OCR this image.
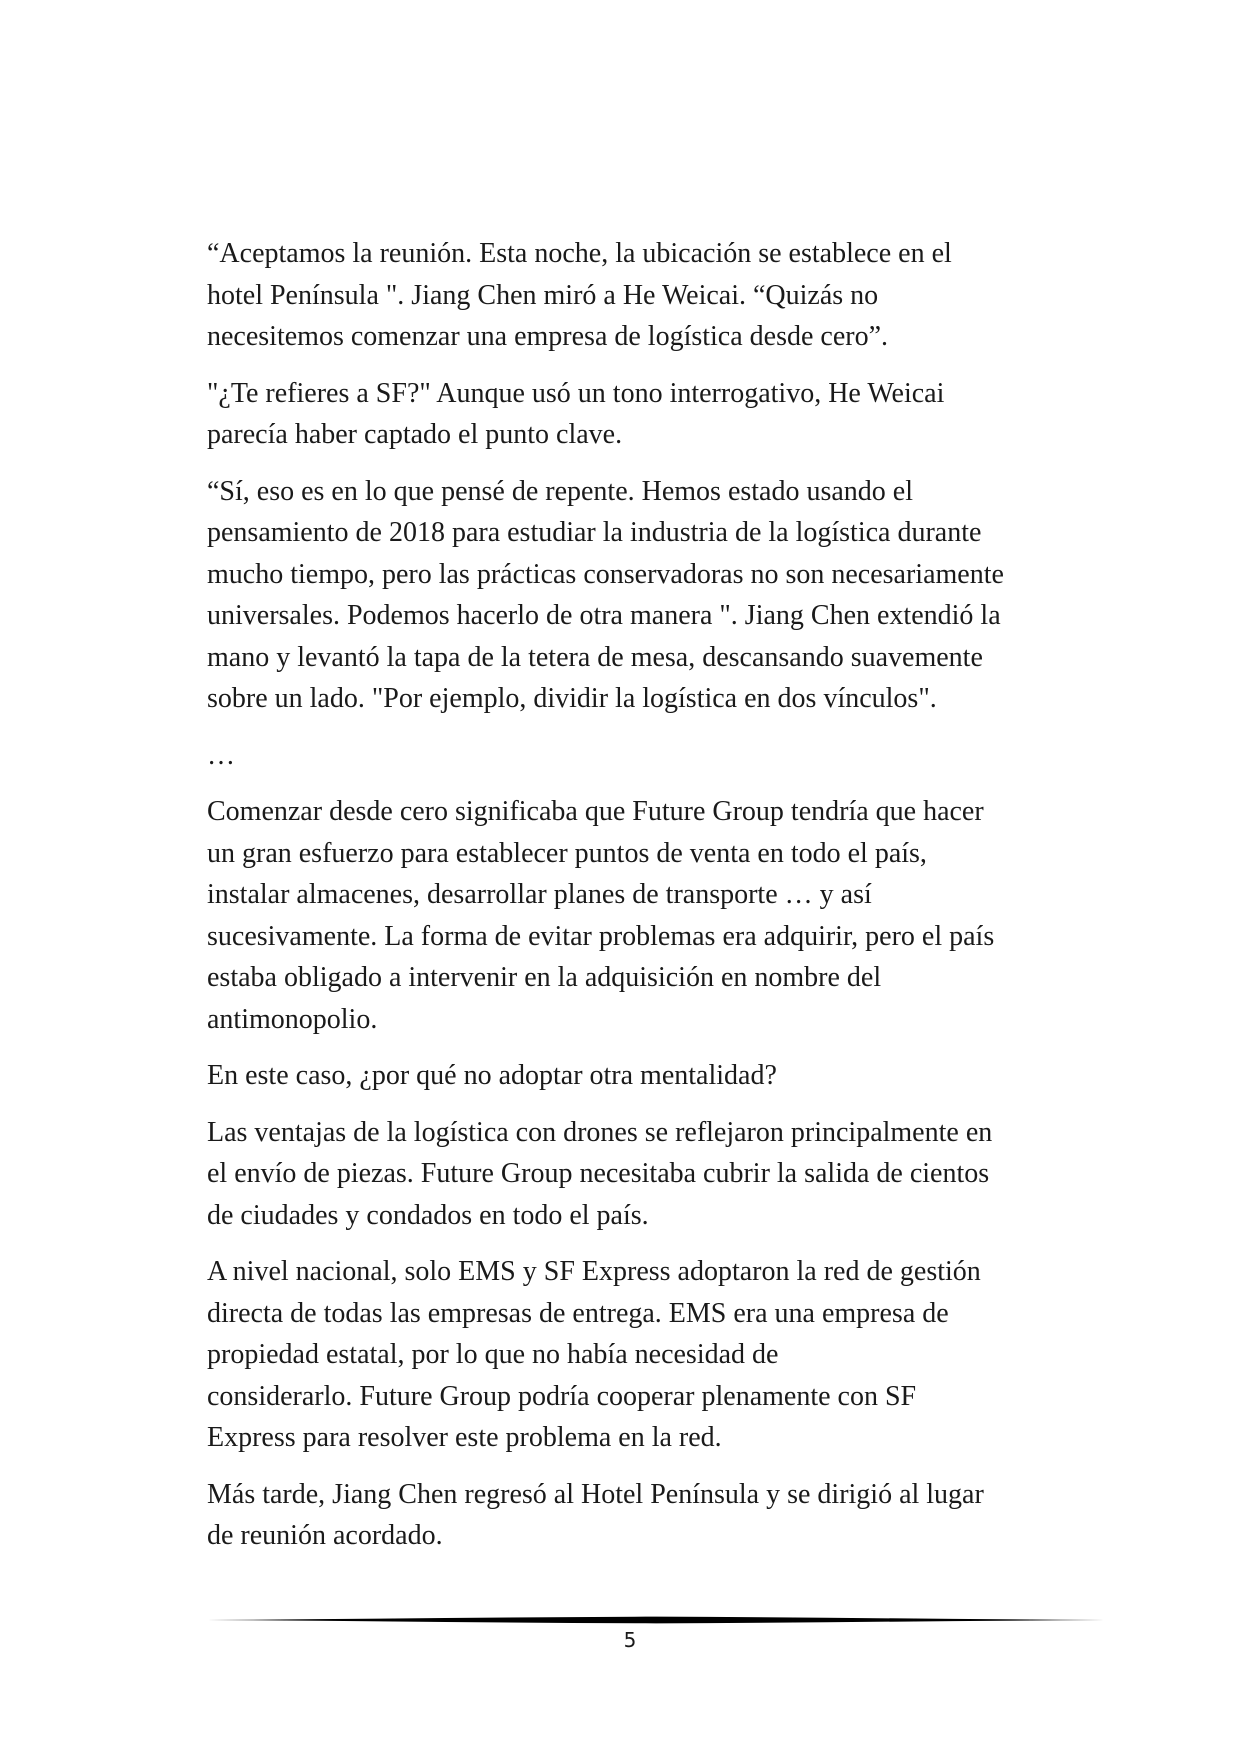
“Aceptamos la reunión. Esta noche, la ubicación se establece en el
hotel Península ". Jiang Chen miró a He Weicai. “Quizás no
necesitemos comenzar una empresa de logística desde cero”.

"¿Te refieres a SF?" Aunque usó un tono interrogativo, He Weicai
parecía haber captado el punto clave.

“Sí, eso es en lo que pensé de repente. Hemos estado usando el
pensamiento de 2018 para estudiar la industria de la logística durante
mucho tiempo, pero las prácticas conservadoras no son necesariamente
universales. Podemos hacerlo de otra manera ". Jiang Chen extendió la
mano y levantó la tapa de la tetera de mesa, descansando suavemente
sobre un lado. "Por ejemplo, dividir la logística en dos vínculos".

…

Comenzar desde cero significaba que Future Group tendría que hacer
un gran esfuerzo para establecer puntos de venta en todo el país,
instalar almacenes, desarrollar planes de transporte … y así
sucesivamente. La forma de evitar problemas era adquirir, pero el país
estaba obligado a intervenir en la adquisición en nombre del
antimonopolio.

En este caso, ¿por qué no adoptar otra mentalidad?

Las ventajas de la logística con drones se reflejaron principalmente en
el envío de piezas. Future Group necesitaba cubrir la salida de cientos
de ciudades y condados en todo el país.

A nivel nacional, solo EMS y SF Express adoptaron la red de gestión
directa de todas las empresas de entrega. EMS era una empresa de
propiedad estatal, por lo que no había necesidad de
considerarlo. Future Group podría cooperar plenamente con SF
Express para resolver este problema en la red.

Más tarde, Jiang Chen regresó al Hotel Península y se dirigió al lugar
de reunión acordado.

5
